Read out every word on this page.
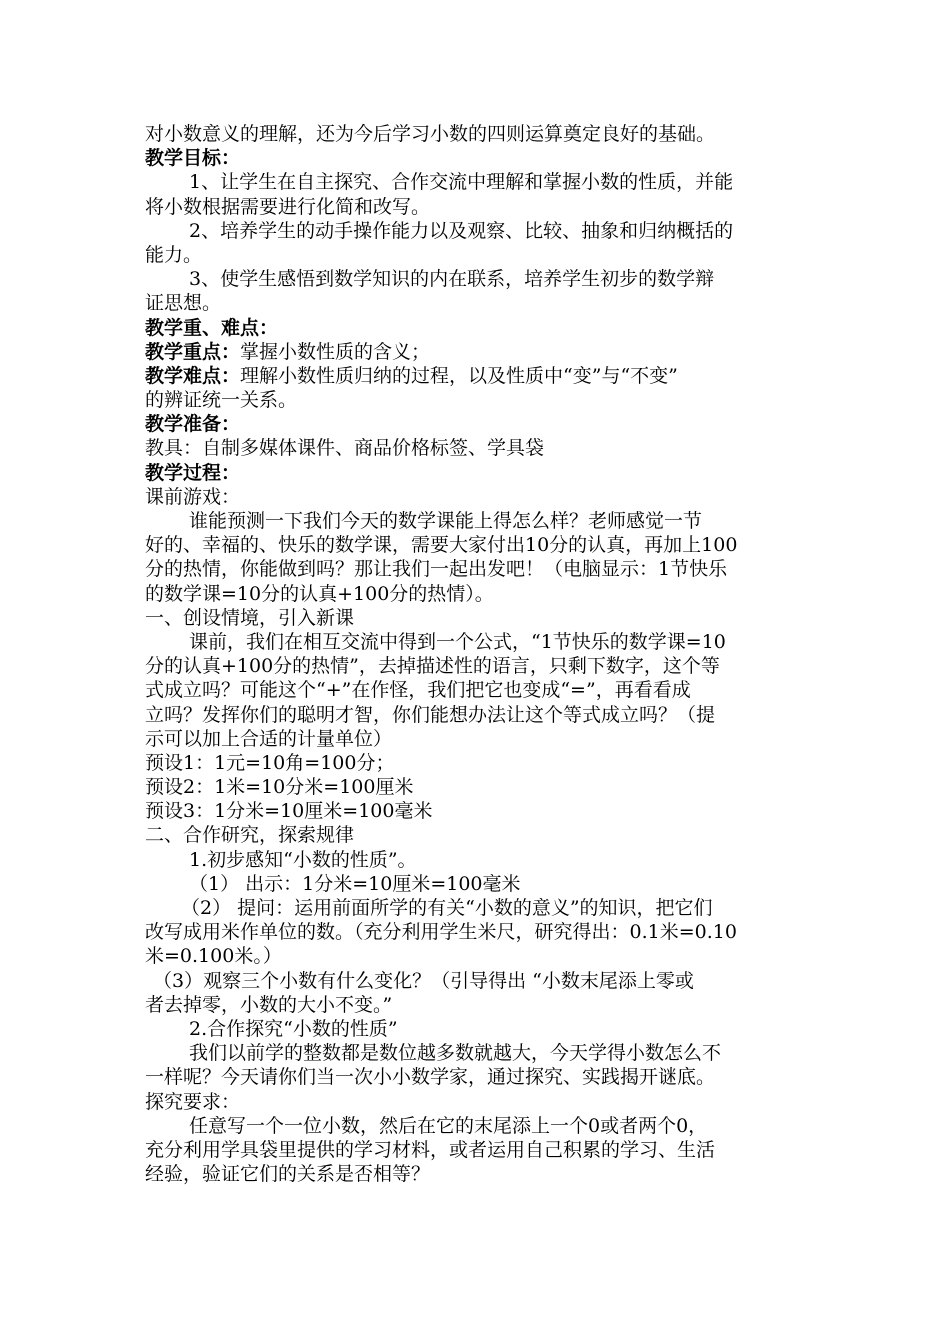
对小数意义的理解，还为今后学习小数的四则运算奠定良好的基础。
教学目标：
1、让学生在自主探究、合作交流中理解和掌握小数的性质，并能
将小数根据需要进行化简和改写。
2、培养学生的动手操作能力以及观察、比较、抽象和归纳概括的
能力。
3、使学生感悟到数学知识的内在联系，培养学生初步的数学辩
证思想。
教学重、难点：
教学重点：掌握小数性质的含义；
教学难点：理解小数性质归纳的过程，以及性质中“变”与“不变”
的辨证统一关系。
教学准备：
教具：自制多媒体课件、商品价格标签、学具袋
教学过程：
课前游戏：
谁能预测一下我们今天的数学课能上得怎么样？老师感觉一节
好的、幸福的、快乐的数学课，需要大家付出10分的认真，再加上100
分的热情，你能做到吗？那让我们一起出发吧！（电脑显示：1节快乐
的数学课=10分的认真+100分的热情）。
一、创设情境，引入新课
课前，我们在相互交流中得到一个公式，“1节快乐的数学课=10
分的认真+100分的热情”，去掉描述性的语言，只剩下数字，这个等
式成立吗？可能这个“+”在作怪，我们把它也变成“=”，再看看成
立吗？发挥你们的聪明才智，你们能想办法让这个等式成立吗？（提
示可以加上合适的计量单位）
预设1：1元=10角=100分；
预设2：1米=10分米=100厘米
预设3：1分米=10厘米=100毫米
二、合作研究，探索规律
1.初步感知“小数的性质”。
（1） 出示：1分米=10厘米=100毫米
（2） 提问：运用前面所学的有关“小数的意义”的知识，把它们
改写成用米作单位的数。（充分利用学生米尺，研究得出：0.1米=0.10
米=0.100米。）
（3）观察三个小数有什么变化？（引导得出 “小数末尾添上零或
者去掉零，小数的大小不变。”
2.合作探究“小数的性质”
我们以前学的整数都是数位越多数就越大，今天学得小数怎么不
一样呢？今天请你们当一次小小数学家，通过探究、实践揭开谜底。
探究要求：
任意写一个一位小数，然后在它的末尾添上一个0或者两个0，
充分利用学具袋里提供的学习材料，或者运用自己积累的学习、生活
经验，验证它们的关系是否相等？
